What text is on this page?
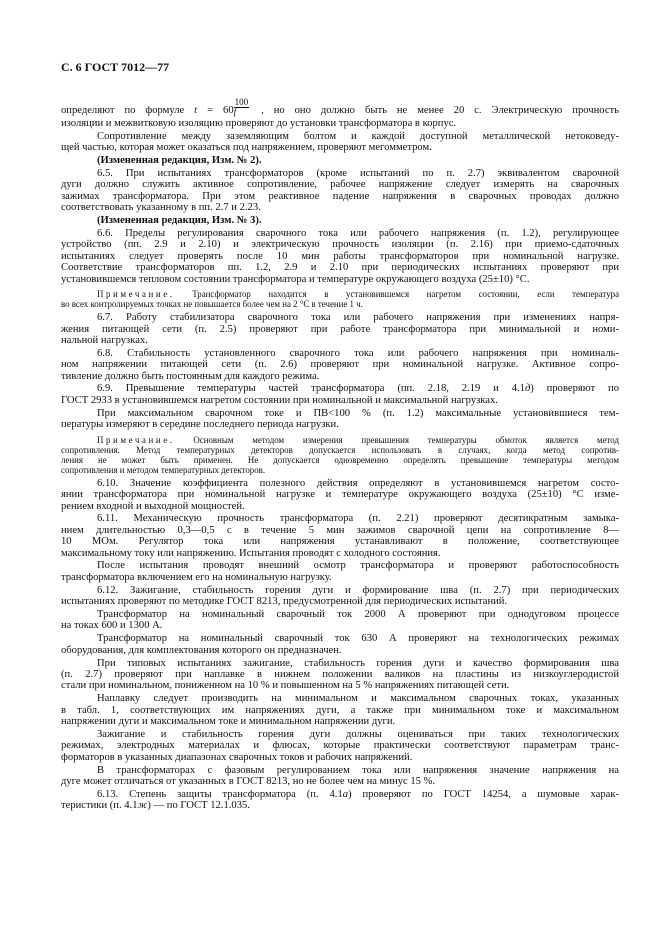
С. 6 ГОСТ 7012—77
определяют по формуле $t = 60 \frac{100}{f}$ , но оно должно быть не менее 20 с. Электрическую прочность
изоляции и межвитковую изоляцию проверяют до установки трансформатора в корпус.
Сопротивление между заземляющим болтом и каждой доступной металлической нетоковеду-
щей частью, которая может оказаться под напряжением, проверяют мегомметром.
(Измененная редакция, Изм. № 2).
6.5. При испытаниях трансформаторов (кроме испытаний по п. 2.7) эквивалентом сварочной
дуги должно служить активное сопротивление, рабочее напряжение следует измерять на сварочных
зажимах трансформатора. При этом реактивное падение напряжения в сварочных проводах должно
соответствовать указанному в пп. 2.7 и 2.23.
(Измененная редакция, Изм. № 3).
6.6. Пределы регулирования сварочного тока или рабочего напряжения (п. 1.2), регулирующее
устройство (пп. 2.9 и 2.10) и электрическую прочность изоляции (п. 2.16) при приемо-сдаточных
испытаниях следует проверять после 10 мин работы трансформаторов при номинальной нагрузке.
Соответствие трансформаторов пп. 1.2, 2.9 и 2.10 при периодических испытаниях проверяют при
установившемся тепловом состоянии трансформатора и температуре окружающего воздуха (25±10) °С.
Примечание. Трансформатор находится в установившемся нагретом состоянии, если температура
во всех контролируемых точках не повышается более чем на 2 °С в течение 1 ч.
6.7. Работу стабилизатора сварочного тока или рабочего напряжения при изменениях напря-
жения питающей сети (п. 2.5) проверяют при работе трансформатора при минимальной и номи-
нальной нагрузках.
6.8. Стабильность установленного сварочного тока или рабочего напряжения при номиналь-
ном напряжении питающей сети (п. 2.6) проверяют при номинальной нагрузке. Активное сопро-
тивление должно быть постоянным для каждого режима.
6.9. Превышение температуры частей трансформатора (пп. 2.18, 2.19 и 4.1д) проверяют по
ГОСТ 2933 в установившемся нагретом состоянии при номинальной и максимальной нагрузках.
При максимальном сварочном токе и ПВ<100 % (п. 1.2) максимальные установившиеся тем-
пературы измеряют в середине последнего периода нагрузки.
Примечание. Основным методом измерения превышения температуры обмоток является метод
сопротивления. Метод температурных детекторов допускается использовать в случаях, когда метод сопротив-
ления не может быть применен. Не допускается одновременно определять превышение температуры методом
сопротивления и методом температурных детекторов.
6.10. Значение коэффициента полезного действия определяют в установившемся нагретом состо-
янии трансформатора при номинальной нагрузке и температуре окружающего воздуха (25±10) °С изме-
рением входной и выходной мощностей.
6.11. Механическую прочность трансформатора (п. 2.21) проверяют десятикратным замыка-
нием длительностью 0,3—0,5 с в течение 5 мин зажимов сварочной цепи на сопротивление 8—
10 МОм. Регулятор тока или напряжения устанавливают в положение, соответствующее
максимальному току или напряжению. Испытания проводят с холодного состояния.
После испытания проводят внешний осмотр трансформатора и проверяют работоспособность
трансформатора включением его на номинальную нагрузку.
6.12. Зажигание, стабильность горения дуги и формирование шва (п. 2.7) при периодических
испытаниях проверяют по методике ГОСТ 8213, предусмотренной для периодических испытаний.
Трансформатор на номинальный сварочный ток 2000 А проверяют при однодуговом процессе
на токах 600 и 1300 А.
Трансформатор на номинальный сварочный ток 630 А проверяют на технологических режимах
оборудования, для комплектования которого он предназначен.
При типовых испытаниях зажигание, стабильность горения дуги и качество формирования шва
(п. 2.7) проверяют при наплавке в нижнем положении валиков на пластины из низкоуглеродистой
стали при номинальном, пониженном на 10 % и повышенном на 5 % напряжениях питающей сети.
Наплавку следует производить на минимальном и максимальном сварочных токах, указанных
в табл. 1, соответствующих им напряжениях дуги, а также при минимальном токе и максимальном
напряжении дуги и максимальном токе и минимальном напряжении дуги.
Зажигание и стабильность горения дуги должны оцениваться при таких технологических
режимах, электродных материалах и флюсах, которые практически соответствуют параметрам транс-
форматоров в указанных диапазонах сварочных токов и рабочих напряжений.
В трансформаторах с фазовым регулированием тока или напряжения значение напряжения на
дуге может отличаться от указанных в ГОСТ 8213, но не более чем на минус 15 %.
6.13. Степень защиты трансформатора (п. 4.1а) проверяют по ГОСТ 14254, а шумовые харак-
теристики (п. 4.1ж) — по ГОСТ 12.1.035.
